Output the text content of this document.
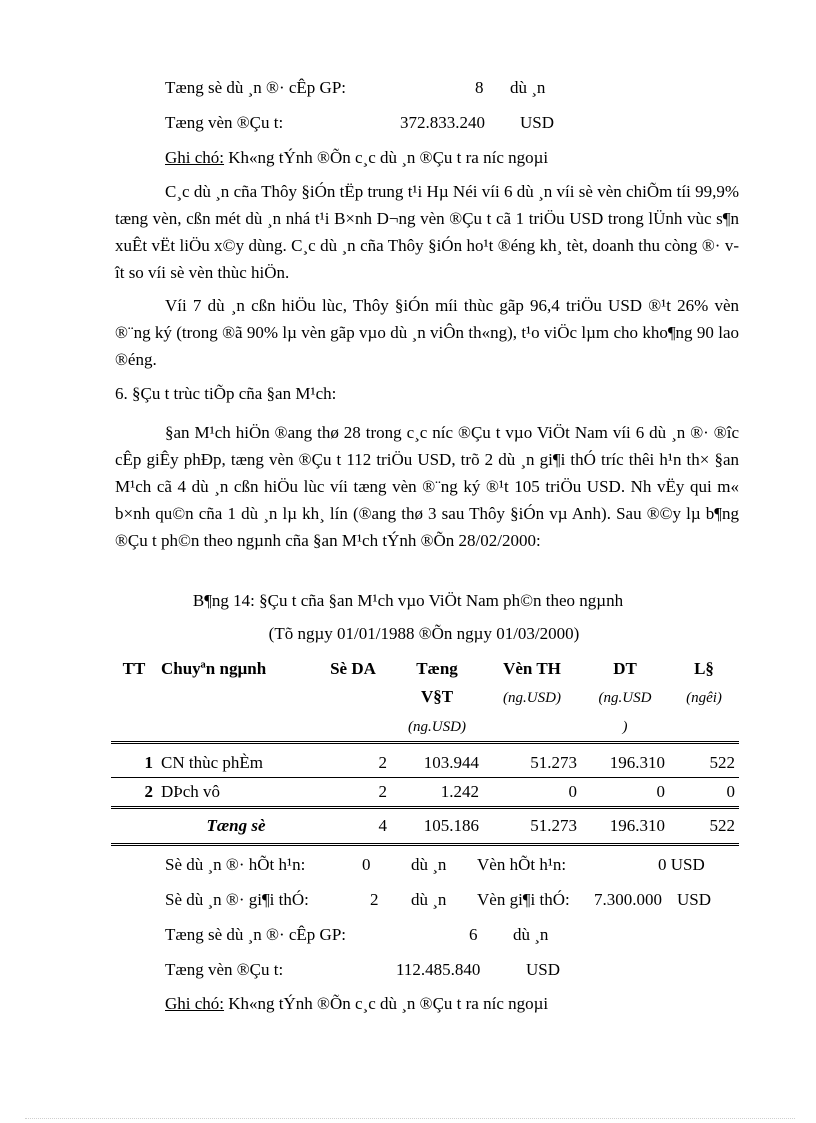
Tæng sè dù ¸n ®· cÊp GP:	8 dù ¸n
Tæng vèn ®Çu t:	372.833.240 USD
Ghi chó: Kh«ng tÝnh ®Õn c¸c dù ¸n ®Çu t ra níc ngoµi
C¸c dù ¸n cña Thôy §iÓn tËp trung t¹i Hµ Néi víi 6 dù ¸n víi sè vèn chiÕm tíi 99,9% tæng vèn, cßn mét dù ¸n nhá t¹i B×nh D¬ng vèn ®Çu t cã 1 triÖu USD trong lÜnh vùc s¶n xuÊt vËt liÖu x©y dùng. C¸c dù ¸n cña Thôy §iÓn ho¹t ®éng kh¸ tèt, doanh thu còng ®· vît so víi sè vèn thùc hiÖn.
Víi 7 dù ¸n cßn hiÖu lùc, Thôy §iÓn míi thùc gãp 96,4 triÖu USD ®¹t 26% vèn ®¨ng ký (trong ®ã 90% lµ vèn gãp vµo dù ¸n viÔn th«ng), t¹o viÖc lµm cho kho¶ng 90 lao ®éng.
6. §Çu t trùc tiÕp cña §an M¹ch:
§an M¹ch hiÖn ®ang thø 28 trong c¸c níc ®Çu t vµo ViÖt Nam víi 6 dù ¸n ®· ®îc cÊp giÊy phÐp, tæng vèn ®Çu t 112 triÖu USD, trõ 2 dù ¸n gi¶i thÓ tríc thêi h¹n th× §an M¹ch cã 4 dù ¸n cßn hiÖu lùc víi tæng vèn ®¨ng ký ®¹t 105 triÖu USD. Nh vËy qui m« b×nh qu©n cña 1 dù ¸n lµ kh¸ lín (®ang thø 3 sau Thôy §iÓn vµ Anh). Sau ®©y lµ b¶ng ®Çu t ph©n theo ngµnh cña §an M¹ch tÝnh ®Õn 28/02/2000:
B¶ng 14: §Çu t cña §an M¹ch vµo ViÖt Nam ph©n theo ngµnh
(Tõ ngµy 01/01/1988 ®Õn ngµy 01/03/2000)
TT	Chuyªn ngµnh	Sè DA	Tæng	Vèn TH	DT	L§
			V§T	(ng.USD)	(ng.USD	(ngêi)
			(ng.USD)		)	

1	CN thùc phÈm	2	103.944	51.273	196.310	522
2	DÞch vô	2	1.242	0	0	0
	Tæng sè	4	105.186	51.273	196.310	522
Sè dù ¸n ®· hÕt h¹n:	0 dù ¸n Vèn hÕt h¹n:	0 USD
Sè dù ¸n ®· gi¶i thÓ:	2 dù ¸n Vèn gi¶i thÓ: 7.300.000 USD
Tæng sè dù ¸n ®· cÊp GP:	6 dù ¸n
Tæng vèn ®Çu t:	112.485.840	USD
Ghi chó: Kh«ng tÝnh ®Õn c¸c dù ¸n ®Çu t ra níc ngoµi
